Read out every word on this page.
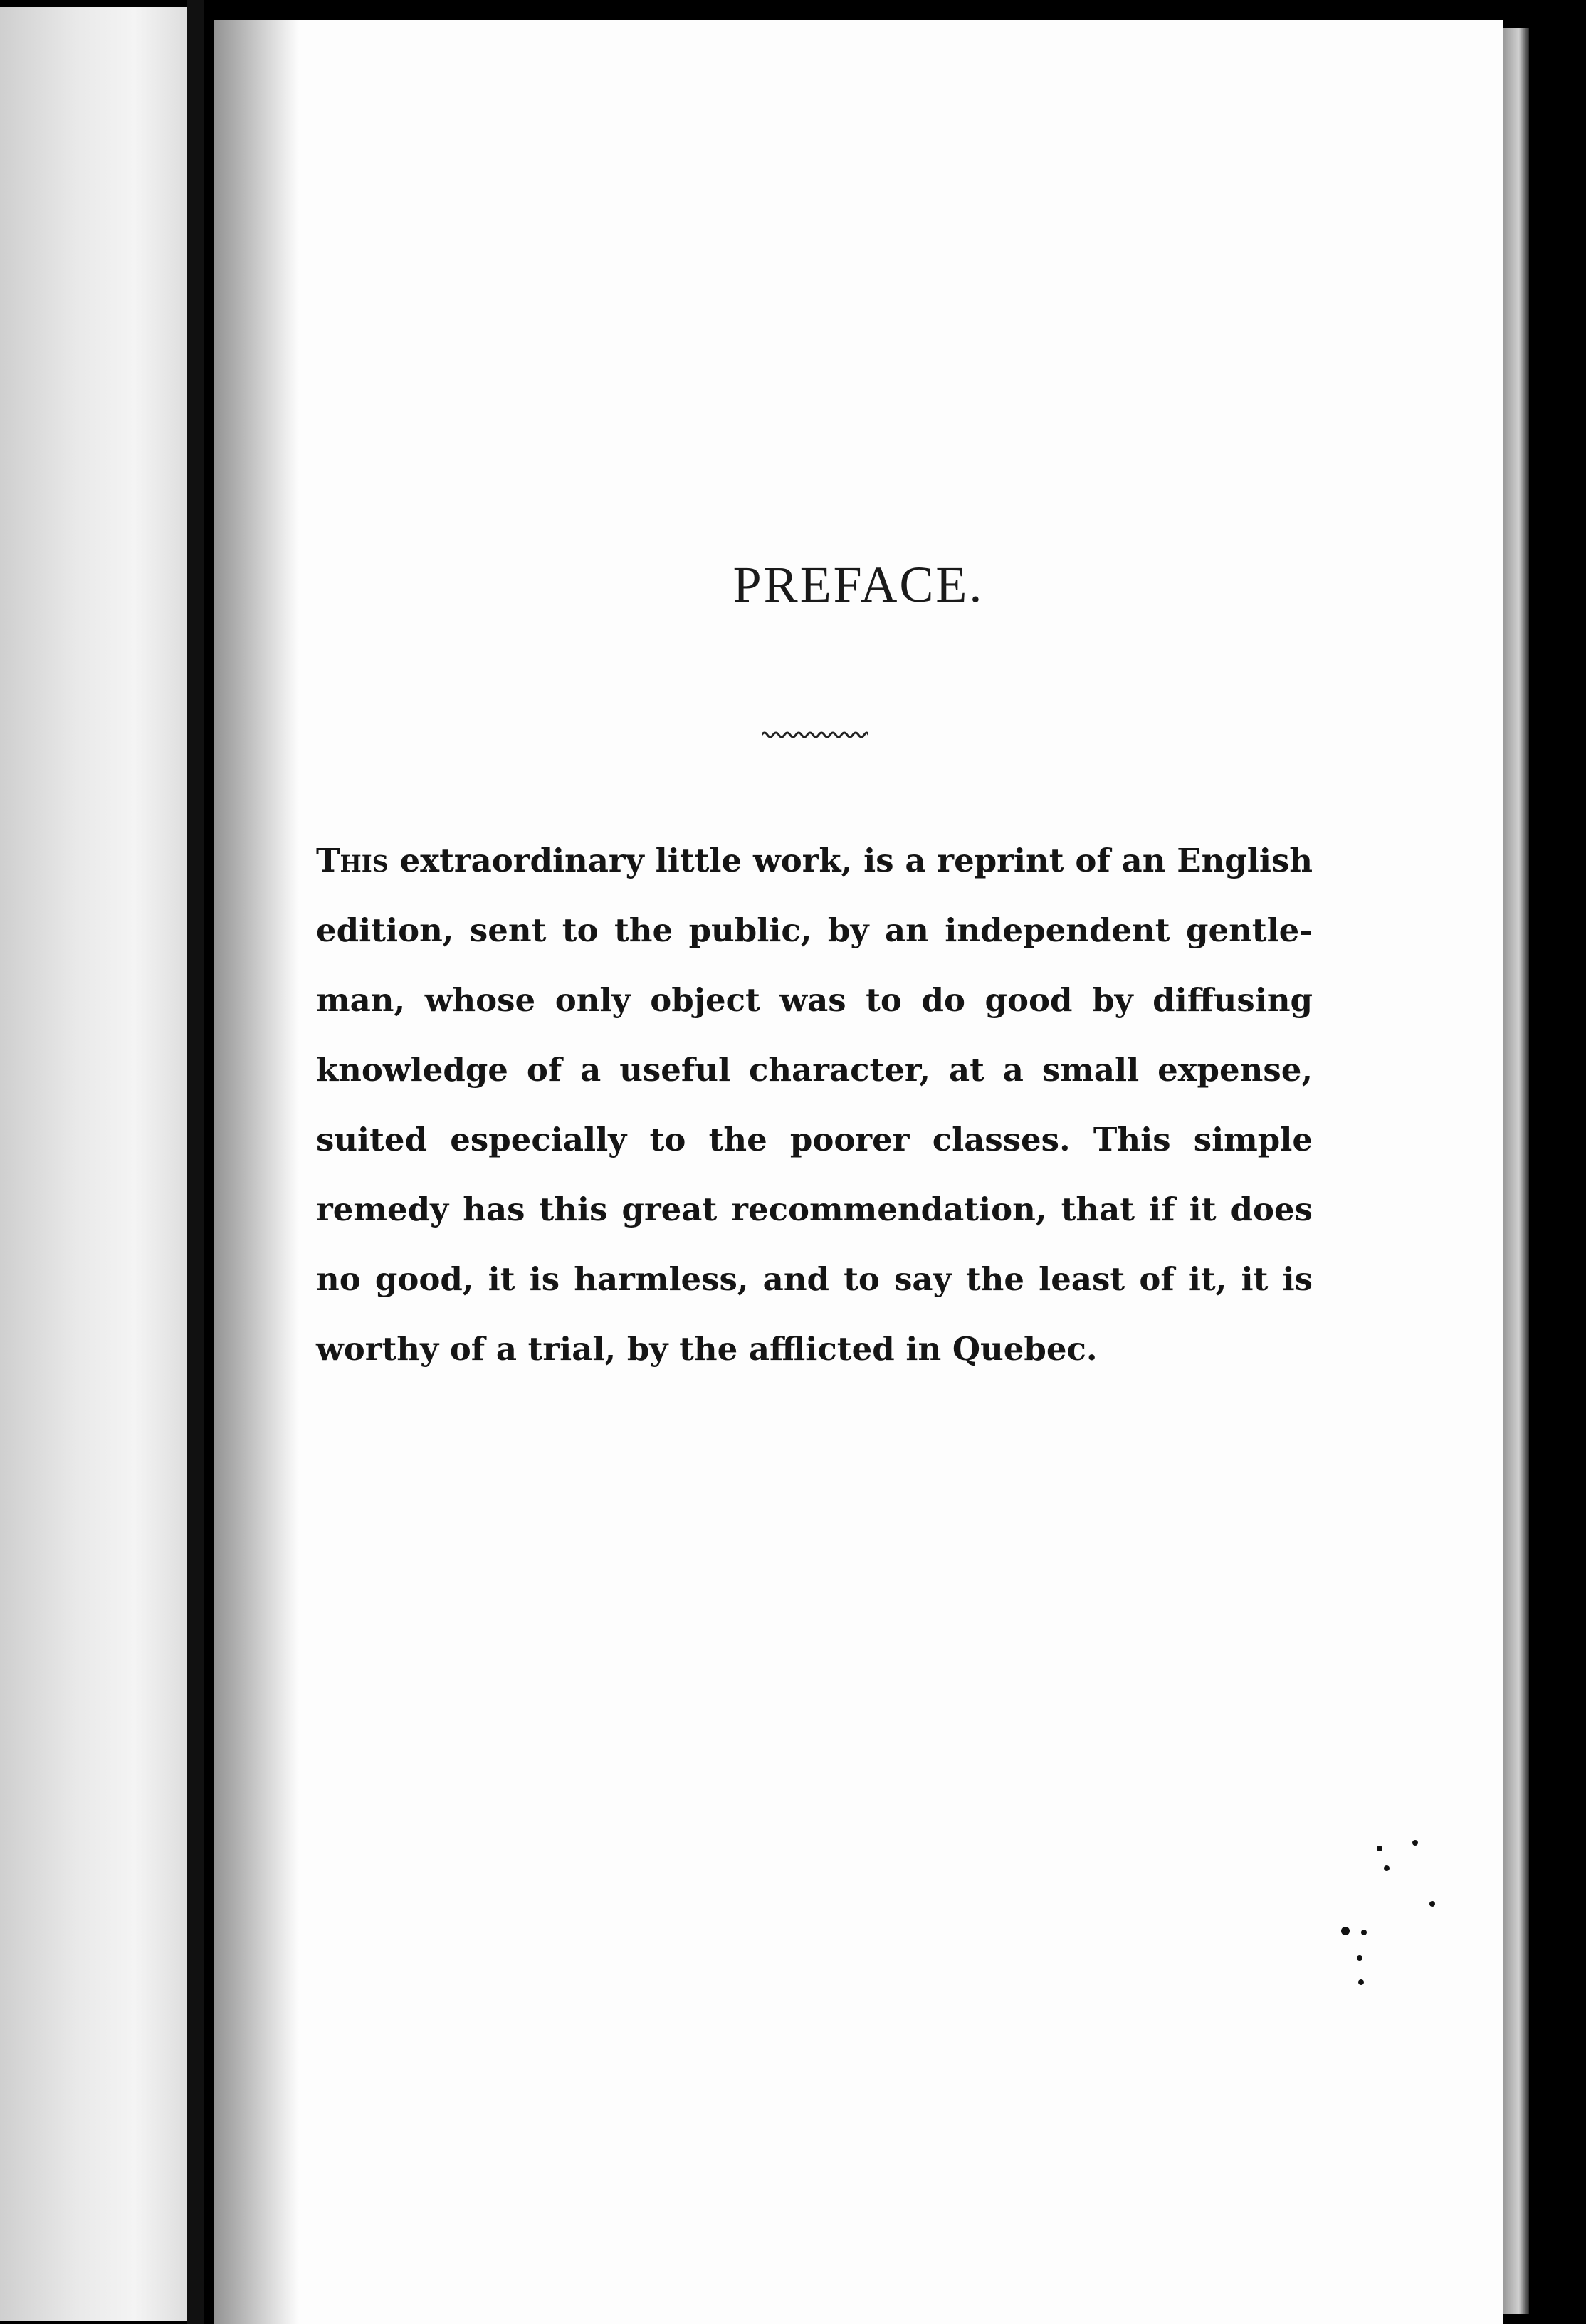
PREFACE.
This extraordinary little work, is a reprint of an English
edition, sent to the public, by an independent gentle-
man, whose only object was to do good by diffusing
knowledge of a useful character, at a small expense,
suited especially to the poorer classes. This simple
remedy has this great recommendation, that if it does
no good, it is harmless, and to say the least of it, it is
worthy of a trial, by the afflicted in Quebec.
